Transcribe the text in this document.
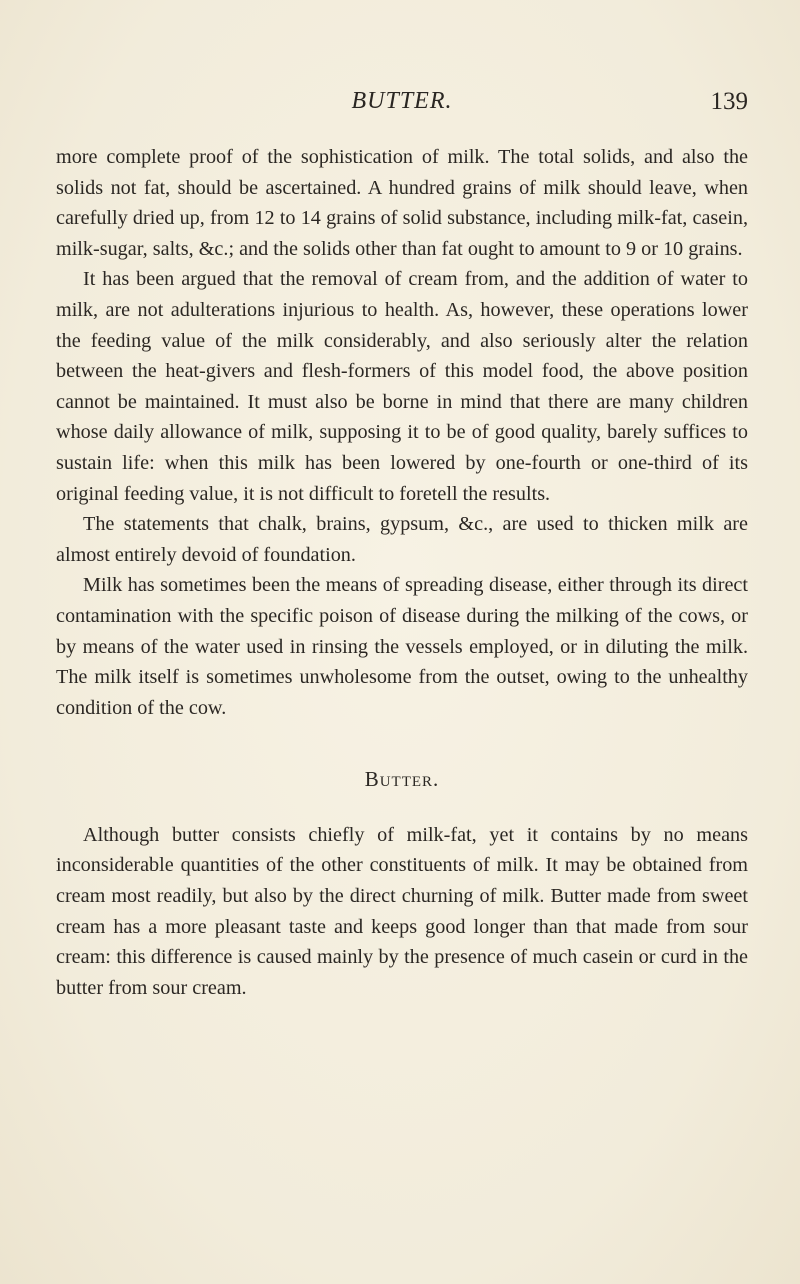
BUTTER.	139

more complete proof of the sophistication of milk. The total solids, and also the solids not fat, should be ascertained. A hundred grains of milk should leave, when carefully dried up, from 12 to 14 grains of solid substance, including milk-fat, casein, milk-sugar, salts, &c.; and the solids other than fat ought to amount to 9 or 10 grains.

It has been argued that the removal of cream from, and the addition of water to milk, are not adulterations injurious to health. As, however, these operations lower the feeding value of the milk considerably, and also seriously alter the relation between the heat-givers and flesh-formers of this model food, the above position cannot be maintained. It must also be borne in mind that there are many children whose daily allowance of milk, supposing it to be of good quality, barely suffices to sustain life: when this milk has been lowered by one-fourth or one-third of its original feeding value, it is not difficult to foretell the results.

The statements that chalk, brains, gypsum, &c., are used to thicken milk are almost entirely devoid of foundation.

Milk has sometimes been the means of spreading disease, either through its direct contamination with the specific poison of disease during the milking of the cows, or by means of the water used in rinsing the vessels employed, or in diluting the milk. The milk itself is sometimes unwholesome from the outset, owing to the unhealthy condition of the cow.

Butter.

Although butter consists chiefly of milk-fat, yet it contains by no means inconsiderable quantities of the other constituents of milk. It may be obtained from cream most readily, but also by the direct churning of milk. Butter made from sweet cream has a more pleasant taste and keeps good longer than that made from sour cream: this difference is caused mainly by the presence of much casein or curd in the butter from sour cream.
